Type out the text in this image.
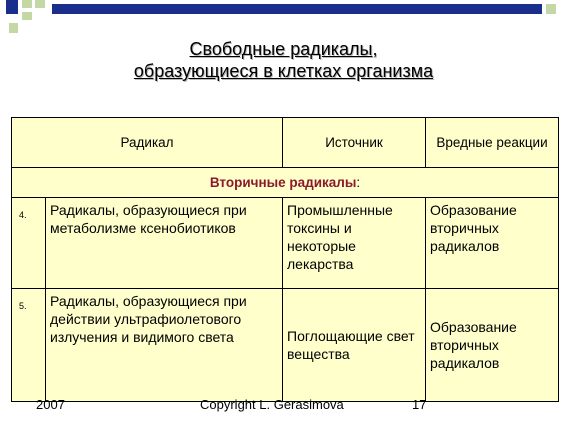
Свободные радикалы,
образующиеся в клетках организма
Радикал		Источник	Вредные реакции
Вторичные радикалы:			
4.	Радикалы, образующиеся при метаболизме ксенобиотиков	Промышленные токсины и некоторые лекарства	Образование вторичных радикалов
5.	Радикалы, образующиеся при действии ультрафиолетового излучения и видимого света	Поглощающие свет вещества	Образование вторичных радикалов
2007	Copyright L. Gerasimova	17
